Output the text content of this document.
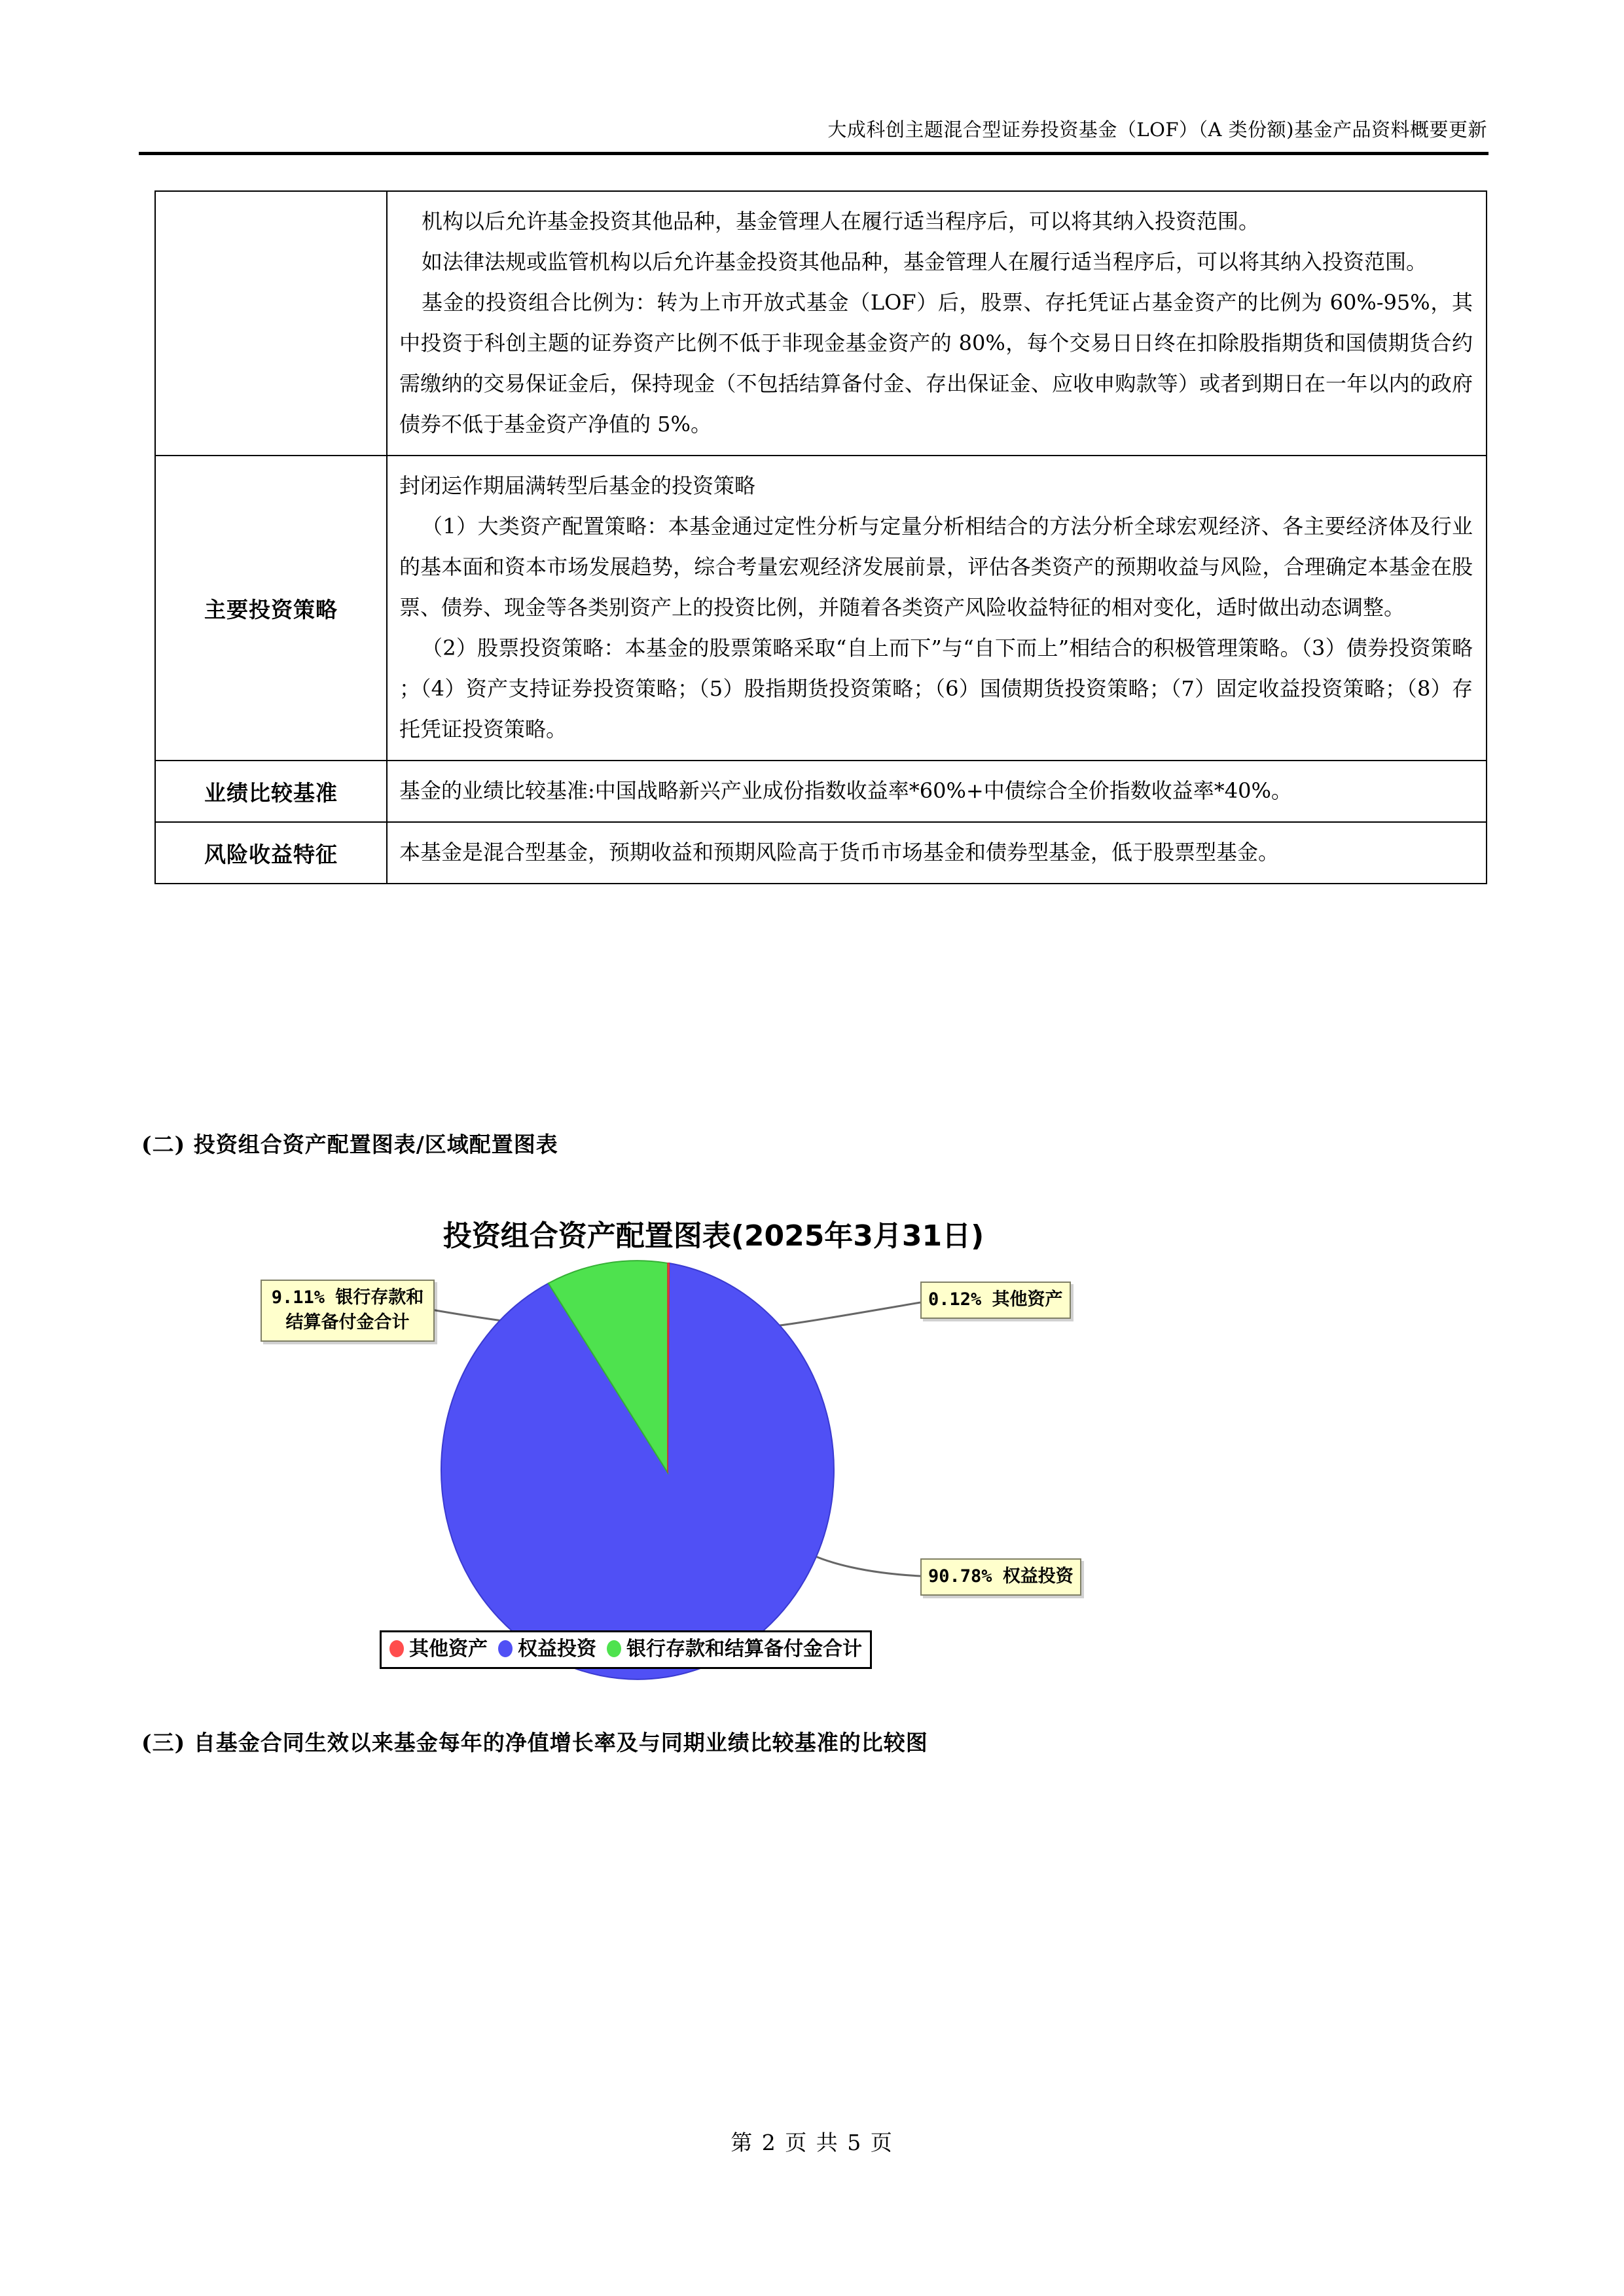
大成科创主题混合型证券投资基金（LOF）（A 类份额)基金产品资料概要更新

	机构以后允许基金投资其他品种，基金管理人在履行适当程序后，可以将其纳入投资范围。

如法律法规或监管机构以后允许基金投资其他品种，基金管理人在履行适当程序后，可以将其纳入投资范围。

基金的投资组合比例为：转为上市开放式基金（LOF）后，股票、存托凭证占基金资产的比例为 60%-95%，其中投资于科创主题的证券资产比例不低于非现金基金资产的 80%，每个交易日日终在扣除股指期货和国债期货合约需缴纳的交易保证金后，保持现金（不包括结算备付金、存出保证金、应收申购款等）或者到期日在一年以内的政府债券不低于基金资产净值的 5%。

主要投资策略	封闭运作期届满转型后基金的投资策略

（1）大类资产配置策略：本基金通过定性分析与定量分析相结合的方法分析全球宏观经济、各主要经济体及行业的基本面和资本市场发展趋势，综合考量宏观经济发展前景，评估各类资产的预期收益与风险，合理确定本基金在股票、债券、现金等各类别资产上的投资比例，并随着各类资产风险收益特征的相对变化，适时做出动态调整。

（2）股票投资策略：本基金的股票策略采取“自上而下”与“自下而上”相结合的积极管理策略。（3）债券投资策略 ；（4）资产支持证券投资策略；（5）股指期货投资策略；（6）国债期货投资策略；（7）固定收益投资策略；（8）存托凭证投资策略。

业绩比较基准	基金的业绩比较基准:中国战略新兴产业成份指数收益率*60%+中债综合全价指数收益率*40%。

风险收益特征	本基金是混合型基金，预期收益和预期风险高于货币市场基金和债券型基金，低于股票型基金。

(二) 投资组合资产配置图表/区域配置图表
投资组合资产配置图表(2025年3月31日)
9.11% 银行存款和结算备付金合计
0.12% 其他资产
90.78% 权益投资
其他资产 权益投资 银行存款和结算备付金合计
(三) 自基金合同生效以来基金每年的净值增长率及与同期业绩比较基准的比较图
第 2 页 共 5 页
